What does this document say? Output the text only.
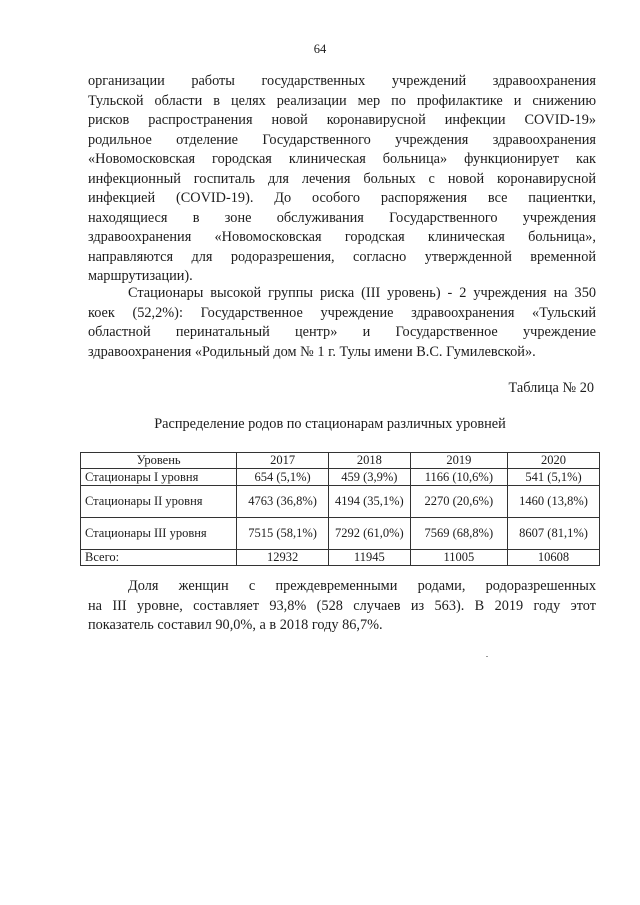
64
организации работы государственных учреждений здравоохранения
Тульской области в целях реализации мер по профилактике и снижению
рисков распространения новой коронавирусной инфекции COVID-19»
родильное отделение Государственного учреждения здравоохранения
«Новомосковская городская клиническая больница» функционирует как
инфекционный госпиталь для лечения больных с новой коронавирусной
инфекцией (COVID-19). До особого распоряжения все пациентки,
находящиеся в зоне обслуживания Государственного учреждения
здравоохранения «Новомосковская городская клиническая больница»,
направляются для родоразрешения, согласно утвержденной временной
маршрутизации).
Стационары высокой группы риска (III уровень) - 2 учреждения на 350
коек (52,2%): Государственное учреждение здравоохранения «Тульский
областной перинатальный центр» и Государственное учреждение
здравоохранения «Родильный дом № 1 г. Тулы имени В.С. Гумилевской».
Таблица № 20
Распределение родов по стационарам различных уровней
Уровень	2017	2018	2019	2020
Стационары I уровня	654 (5,1%)	459 (3,9%)	1166 (10,6%)	541 (5,1%)
Стационары II уровня	4763 (36,8%)	4194 (35,1%)	2270 (20,6%)	1460 (13,8%)
Стационары III уровня	7515 (58,1%)	7292 (61,0%)	7569 (68,8%)	8607 (81,1%)
Всего:	12932	11945	11005	10608
Доля женщин с преждевременными родами, родоразрешенных
на III уровне, составляет 93,8% (528 случаев из 563). В 2019 году этот
показатель составил 90,0%, а в 2018 году 86,7%.
